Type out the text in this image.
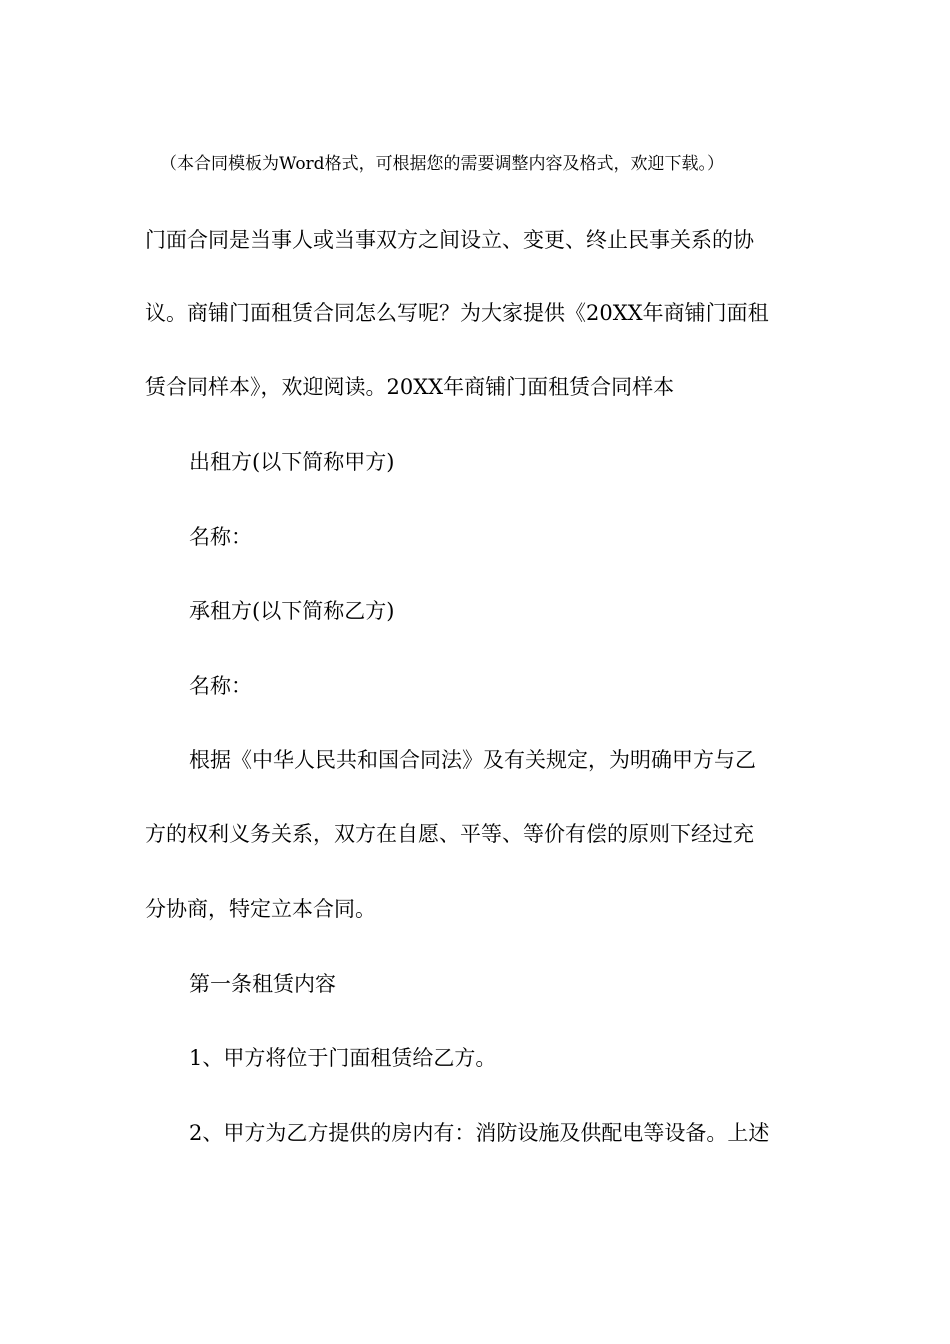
（本合同模板为Word格式，可根据您的需要调整内容及格式，欢迎下载。）
门面合同是当事人或当事双方之间设立、变更、终止民事关系的协
议。商铺门面租赁合同怎么写呢？为大家提供《20XX年商铺门面租
赁合同样本》，欢迎阅读。20XX年商铺门面租赁合同样本
出租方(以下简称甲方)
名称：
承租方(以下简称乙方)
名称：
根据《中华人民共和国合同法》及有关规定，为明确甲方与乙
方的权利义务关系，双方在自愿、平等、等价有偿的原则下经过充
分协商，特定立本合同。
第一条租赁内容
1、甲方将位于门面租赁给乙方。
2、甲方为乙方提供的房内有：消防设施及供配电等设备。上述
